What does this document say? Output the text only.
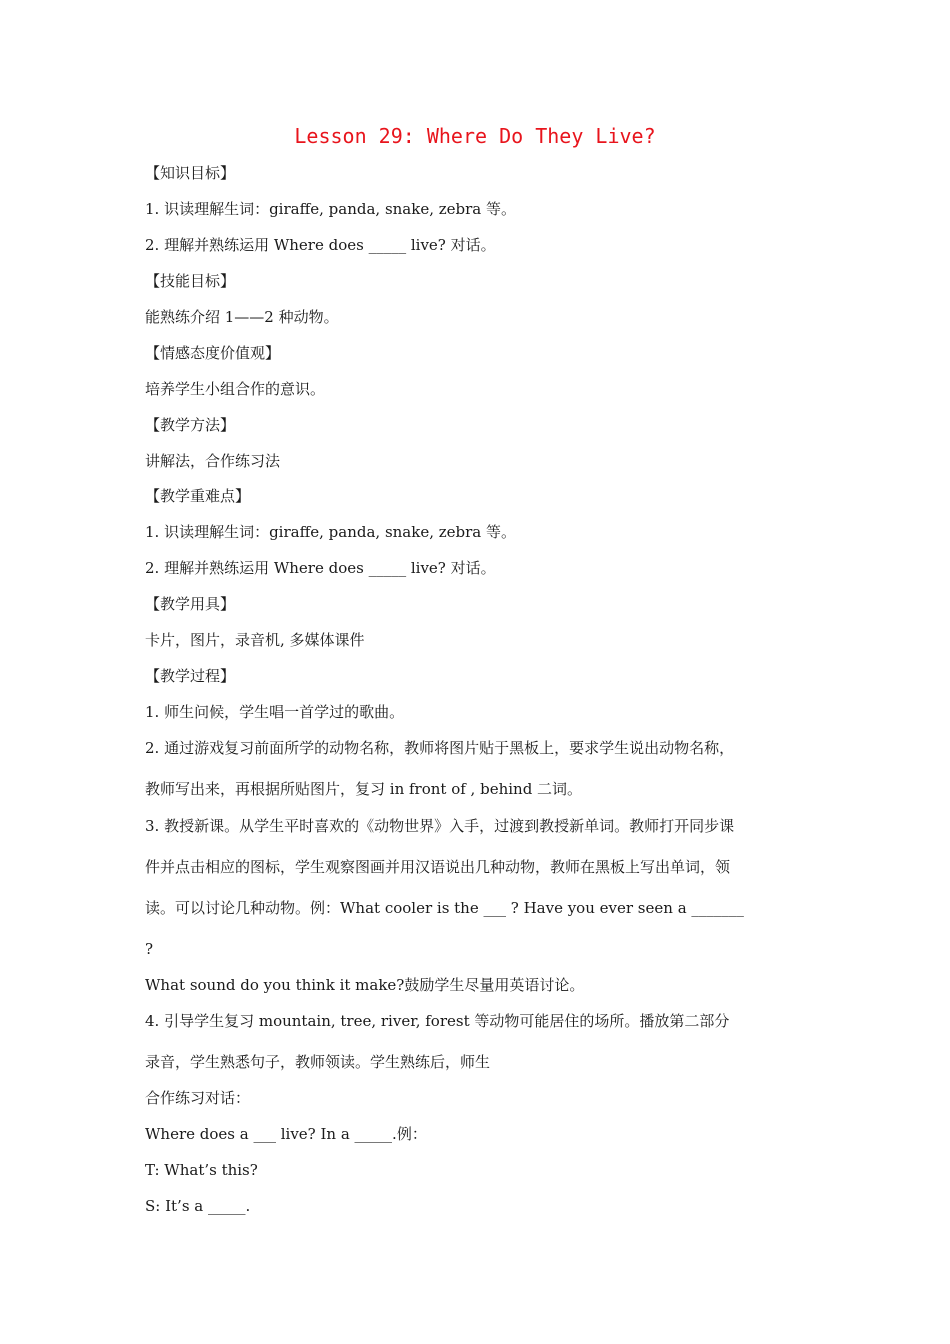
Lesson 29: Where Do They Live?
【知识目标】
1. 识读理解生词：giraffe, panda, snake, zebra 等。
2. 理解并熟练运用 Where does _____ live? 对话。
【技能目标】
能熟练介绍 1——2 种动物。
【情感态度价值观】
培养学生小组合作的意识。
【教学方法】
讲解法，合作练习法
【教学重难点】
1. 识读理解生词：giraffe, panda, snake, zebra 等。
2. 理解并熟练运用 Where does _____ live? 对话。
【教学用具】
卡片，图片，录音机, 多媒体课件
【教学过程】
1. 师生问候，学生唱一首学过的歌曲。
2. 通过游戏复习前面所学的动物名称，教师将图片贴于黑板上，要求学生说出动物名称，
教师写出来，再根据所贴图片，复习 in front of , behind 二词。
3. 教授新课。从学生平时喜欢的《动物世界》入手，过渡到教授新单词。教师打开同步课
件并点击相应的图标，学生观察图画并用汉语说出几种动物，教师在黑板上写出单词，领
读。可以讨论几种动物。例：What cooler is the ___ ? Have you ever seen a _______
?
What sound do you think it make?鼓励学生尽量用英语讨论。
4. 引导学生复习 mountain, tree, river, forest 等动物可能居住的场所。播放第二部分
录音，学生熟悉句子，教师领读。学生熟练后，师生
合作练习对话：
Where does a ___ live? In a _____.例：
T: What’s this?
S: It’s a _____.
